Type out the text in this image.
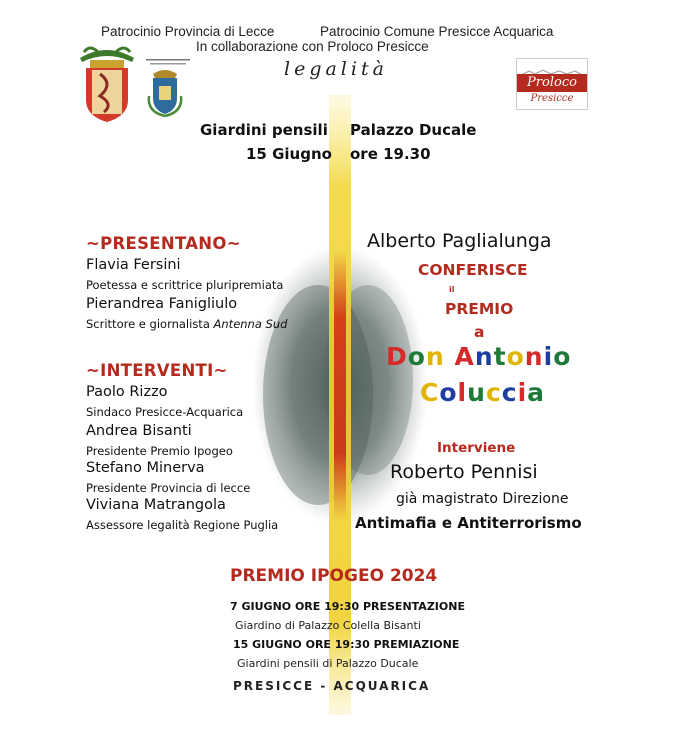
Patrocinio Provincia di Lecce	Patrocinio Comune Presicce Acquarica
In collaborazione con Proloco Presicce
legalità
Proloco
Presicce
Giardini pensili Palazzo Ducale
15 Giugno ore 19.30
~PRESENTANO~
Flavia Fersini
Poetessa e scrittrice pluripremiata
Pierandrea Fanigliulo
Scrittore e giornalista Antenna Sud
~INTERVENTI~
Paolo Rizzo
Sindaco Presicce-Acquarica
Andrea Bisanti
Presidente Premio Ipogeo
Stefano Minerva
Presidente Provincia di lecce
Viviana Matrangola
Assessore legalità Regione Puglia
Alberto Paglialunga
CONFERISCE
il
PREMIO
a
Don Antonio
Coluccia
Interviene
Roberto Pennisi
già magistrato Direzione
Antimafia e Antiterrorismo
PREMIO IPOGEO 2024
7 GIUGNO ORE 19:30 PRESENTAZIONE
Giardino di Palazzo Colella Bisanti
15 GIUGNO ORE 19:30 PREMIAZIONE
Giardini pensili di Palazzo Ducale
PRESICCE - ACQUARICA
